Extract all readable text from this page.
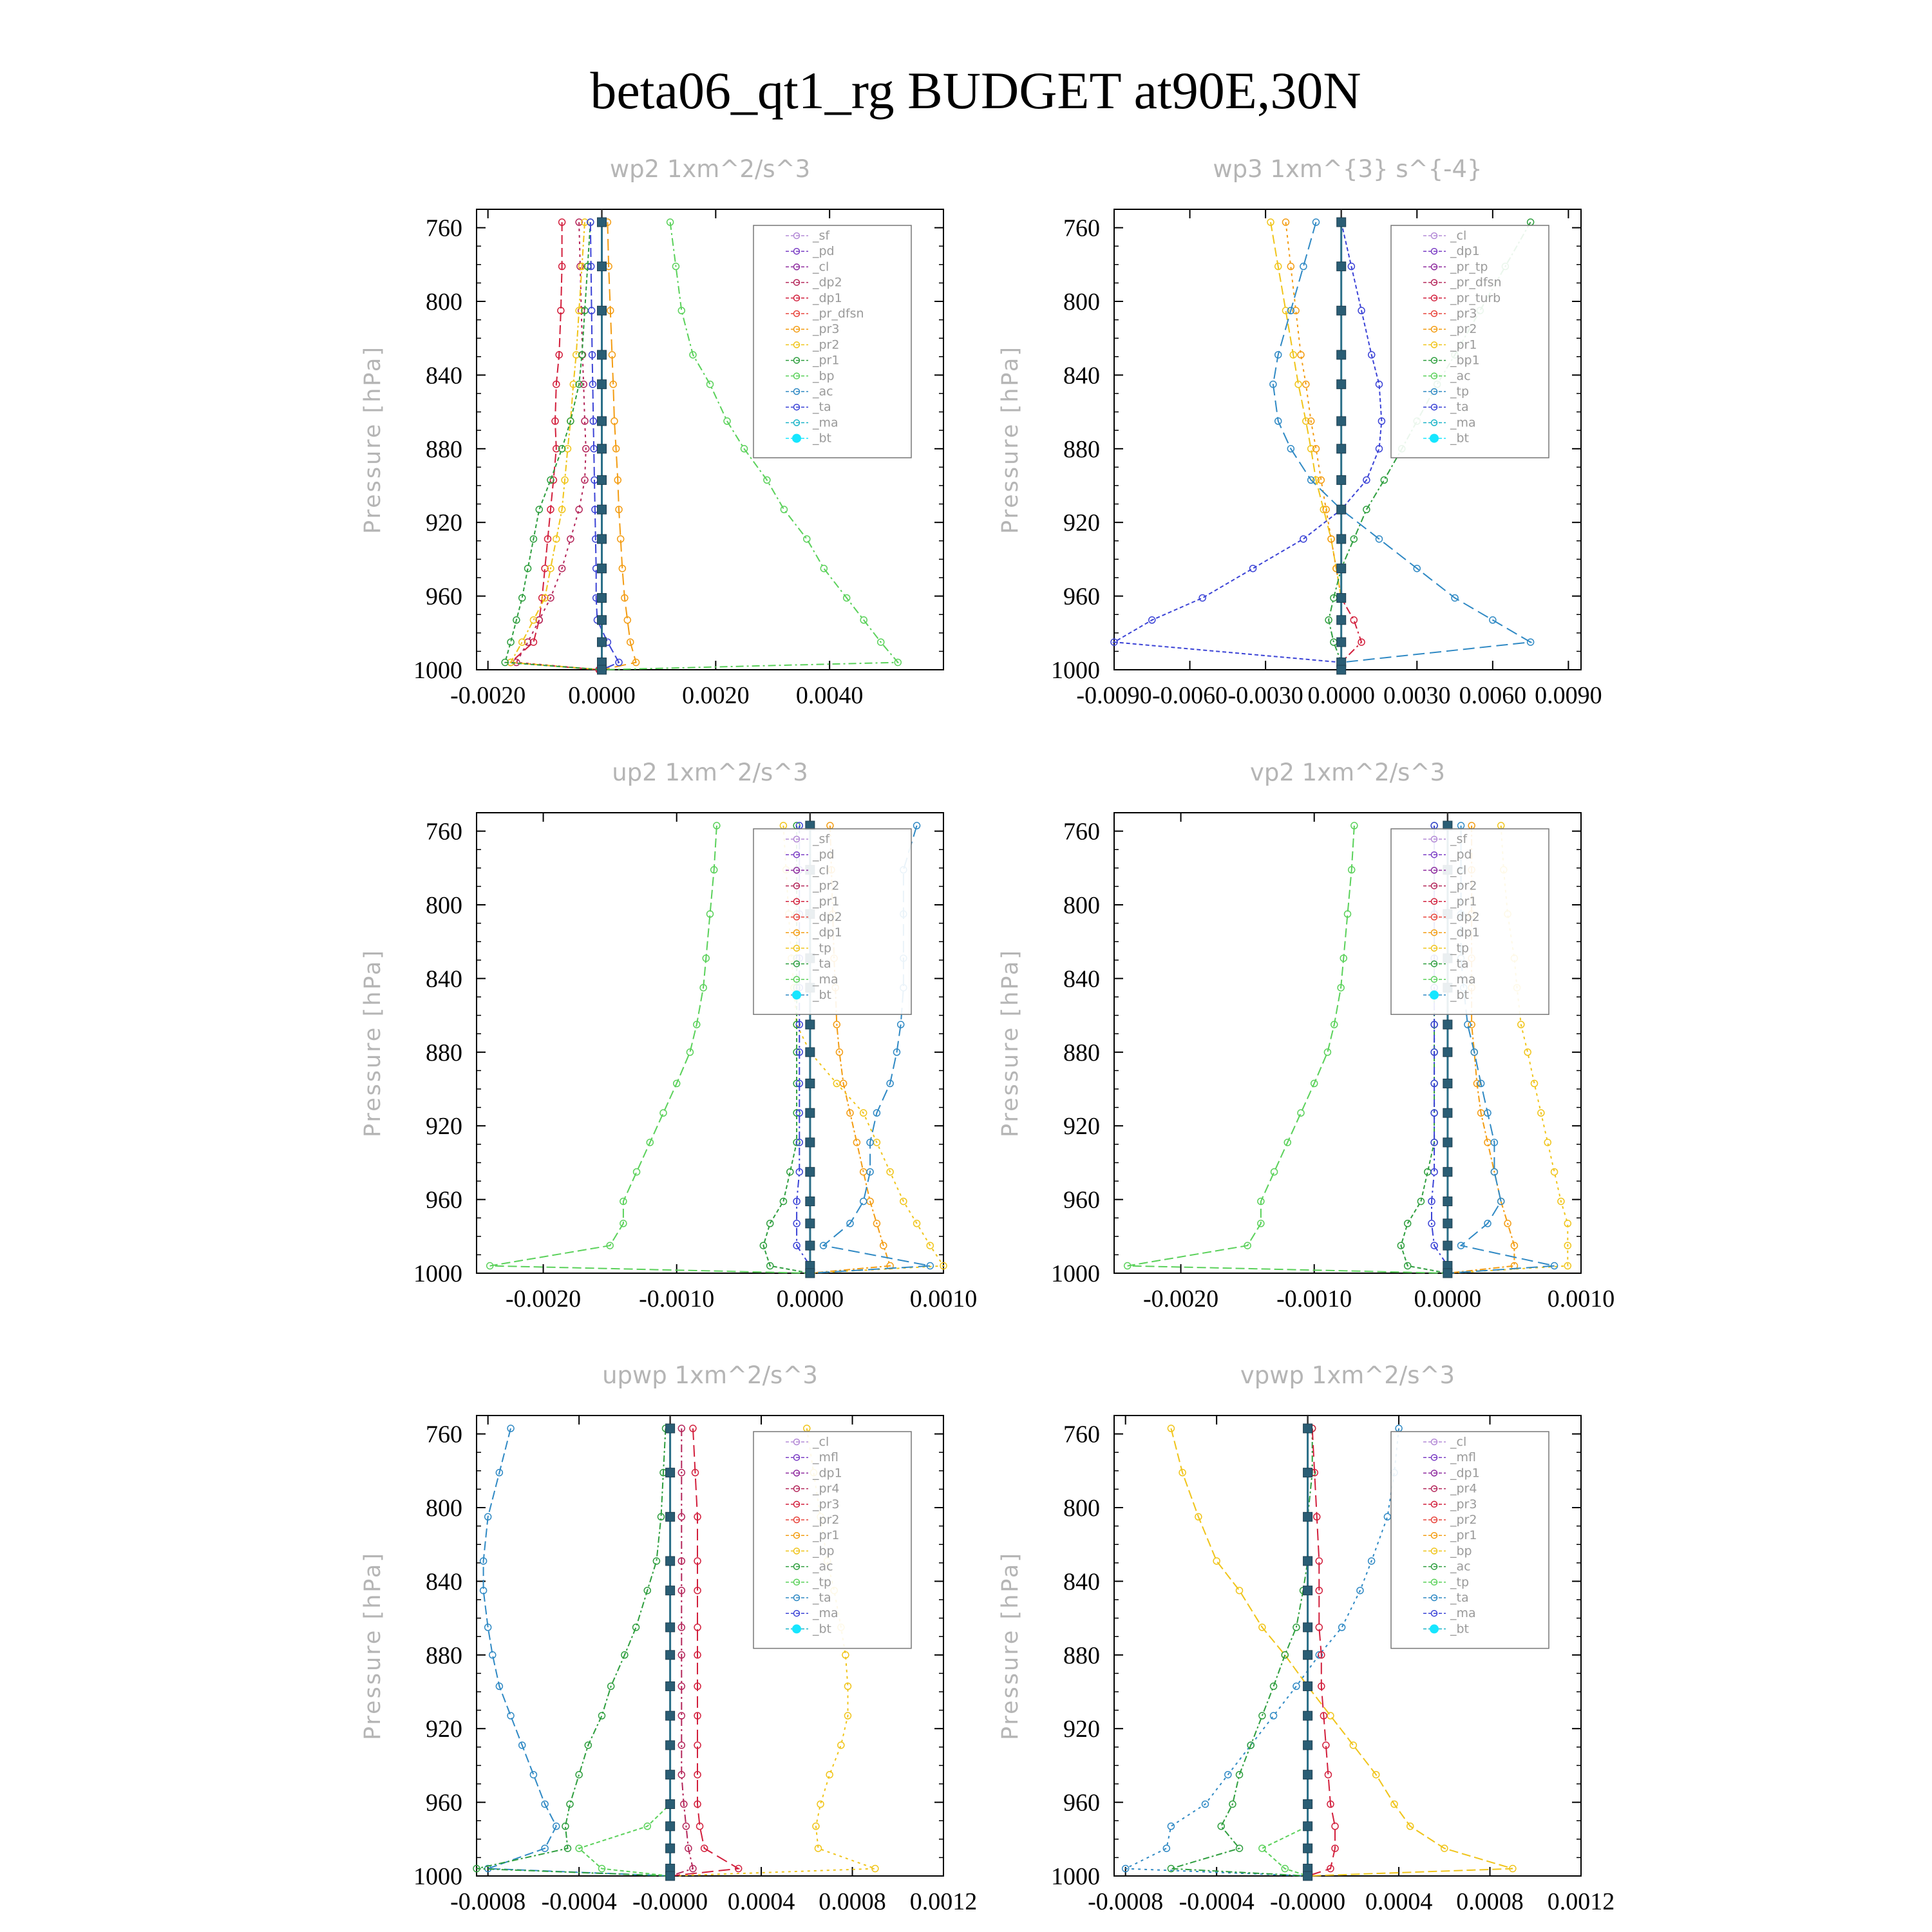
beta06_qt1_rg BUDGET at90E,30N
wp2 1xm^2/s^3
Pressure [hPa]
760
800
840
880
920
960
1000
-0.0020 0.0000 0.0020 0.0040
_sf
_pd
_cl
_dp2
_dp1
_pr_dfsn
_pr3
_pr2
_pr1
_bp
_ac
_ta
_ma
_bt
wp3 1xm^{3} s^{-4}
Pressure [hPa]
760
800
840
880
920
960
1000
-0.0090 -0.0060 -0.0030 0.0000 0.0030 0.0060 0.0090
_cl
_dp1
_pr_tp
_pr_dfsn
_pr_turb
_pr3
_pr2
_pr1
_bp1
_ac
_tp
_ta
_ma
_bt
up2 1xm^2/s^3
Pressure [hPa]
760
800
840
880
920
960
1000
-0.0020 -0.0010	0.0000	0.0010
_sf
_pd
_cl
_pr2
_pr1
_dp2
_dp1
_tp
_ta
_ma
_bt
vp2 1xm^2/s^3
Pressure [hPa]
760
800
840
880
920
960
1000
-0.0020 -0.0010	0.0000	0.0010
_sf
_pd
_cl
_pr2
_pr1
_dp2
_dp1
_tp
_ta
_ma
_bt
upwp 1xm^2/s^3
Pressure [hPa]
760
800
840
880
920
960
1000
-0.0008 -0.0004 -0.0000 0.0004 0.0008 0.0012
_cl
_mfl
_dp1
_pr4
_pr3
_pr2
_pr1
_bp
_ac
_tp
_ta
_ma
_bt
vpwp 1xm^2/s^3
Pressure [hPa]
760
800
840
880
920
960
1000
-0.0008 -0.0004 -0.0000 0.0004 0.0008 0.0012
_cl
_mfl
_dp1
_pr4
_pr3
_pr2
_pr1
_bp
_ac
_tp
_ta
_ma
_bt
